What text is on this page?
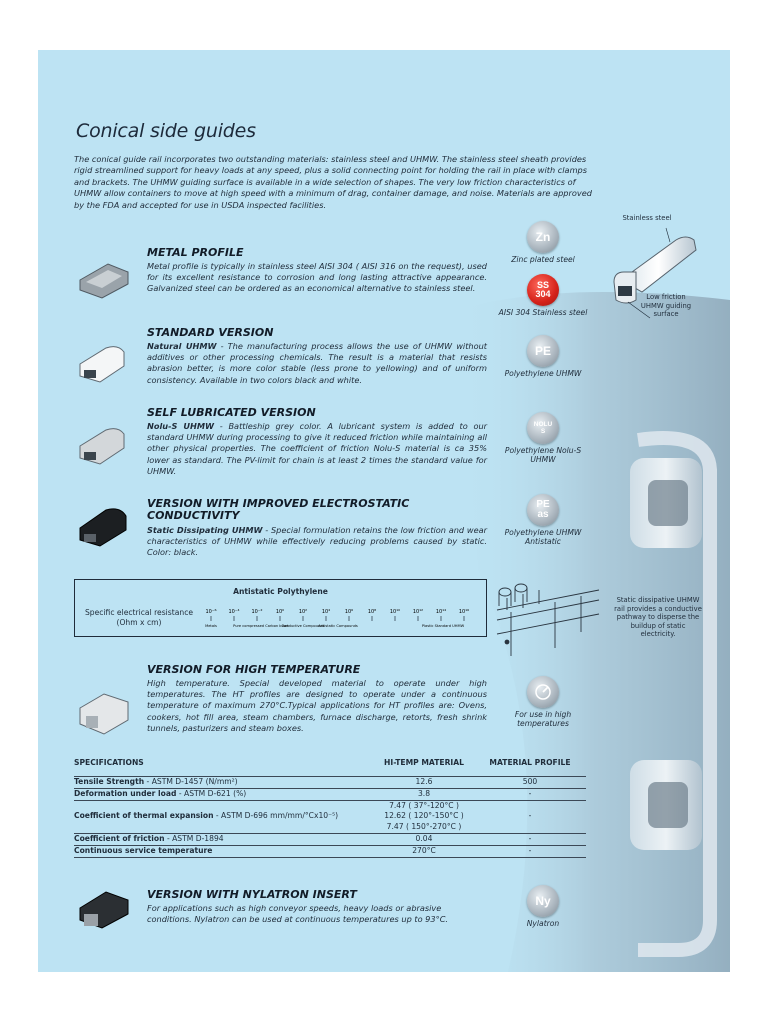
Conical side guides
The conical guide rail incorporates two outstanding materials: stainless steel and UHMW. The stainless steel sheath provides rigid streamlined support for heavy loads at any speed, plus a solid connecting point for holding the rail in place with clamps and brackets. The UHMW guiding surface is available in a wide selection of shapes. The very low friction characteristics of UHMW allow containers to move at high speed with a minimum of drag, container damage, and noise. Materials are approved by the FDA and accepted for use in USDA inspected facilities.
Stainless steel
Low friction UHMW guiding surface
Static dissipative UHMW rail provides a conductive pathway to disperse the buildup of static electricity.
METAL PROFILE
Metal profile is typically in stainless steel AISI 304 ( AISI 316 on the request), used for its excellent resistance to corrosion and long lasting attractive appearance. Galvanized steel can be ordered as an economical alternative to stainless steel.
STANDARD VERSION
Natural UHMW - The manufacturing process allows the use of UHMW without additives or other processing chemicals. The result is a material that resists abrasion better, is more color stable (less prone to yellowing) and of uniform consistency. Available in two colors black and white.
SELF LUBRICATED VERSION
Nolu-S UHMW - Battleship grey color. A lubricant system is added to our standard UHMW during processing to give it reduced friction while maintaining all other physical properties. The coefficient of friction Nolu-S material is ca 35% lower as standard. The PV-limit for chain is at least 2 times the standard value for UHMW.
VERSION WITH IMPROVED ELECTROSTATIC CONDUCTIVITY
Static Dissipating UHMW - Special formulation retains the low friction and wear characteristics of UHMW while effectively reducing problems caused by static. Color: black.
Antistatic Polythylene
Specific electrical resistance (Ohm x cm)
10⁻⁶ 10⁻⁴ 10⁻²	10⁰	10²	10⁴	10⁶	10⁸	10¹⁰	10¹²	10¹⁴	10¹⁶
Metals	Pure compressed Carbon black
Conductive Compounds
Antistatic Compounds	Plastic Standard UHMW
VERSION FOR HIGH TEMPERATURE
High temperature. Special developed material to operate under high temperatures. The HT profiles are designed to operate under a continuous temperature of maximum 270°C.Typical applications for HT profiles are: Ovens, cookers, hot fill area, steam chambers, furnace discharge, retorts, fresh shrink tunnels, pasturizers and steam boxes.
SPECIFICATIONS	HI-TEMP MATERIAL	MATERIAL PROFILE
Tensile Strength - ASTM D-1457 (N/mm²)	12.6	500
Deformation under load - ASTM D-621 (%)	3.8	-
Coefficient of thermal expansion - ASTM D-696 mm/mm/°Cx10⁻⁵)	7.47 ( 37°-120°C )
12.62 ( 120°-150°C )
7.47 ( 150°-270°C )	-
Coefficient of friction - ASTM D-1894	0.04	-
Continuous service temperature	270°C	-
VERSION WITH NYLATRON INSERT
For applications such as high conveyor speeds, heavy loads or abrasive conditions. Nylatron can be used at continuous temperatures up to 93°C.
Zn
Zinc plated steel
SS 304
AISI 304 Stainless steel
PE
Polyethylene UHMW
NOLU S
Polyethylene Nolu-S UHMW
PE as
Polyethylene UHMW Antistatic
For use in high temperatures
Ny
Nylatron
